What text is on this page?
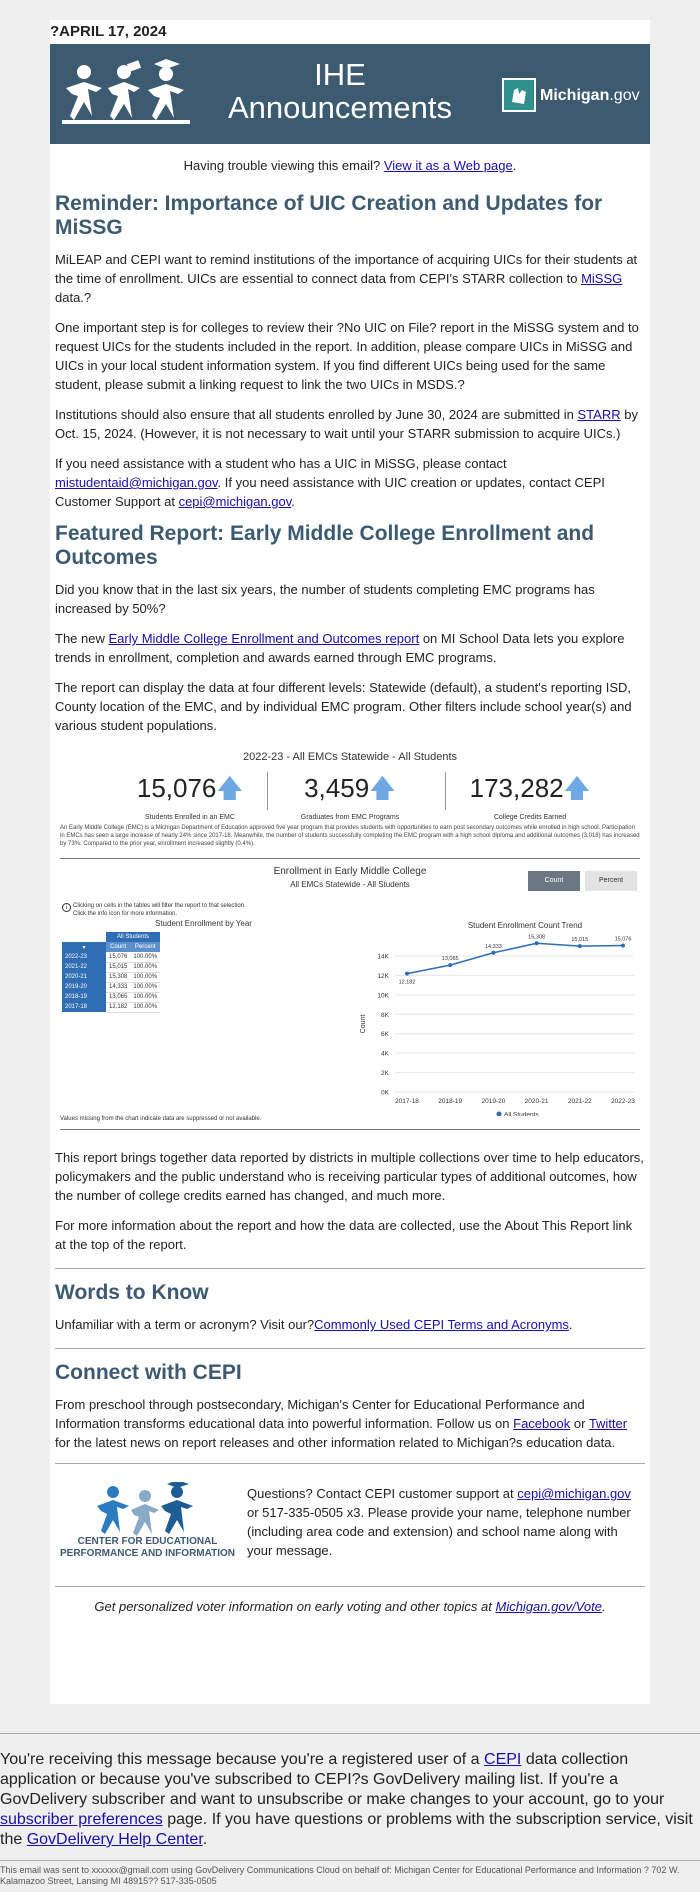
?APRIL 17, 2024
IHE
Announcements	Michigan.gov
Having trouble viewing this email? View it as a Web page.
Reminder: Importance of UIC Creation and Updates for MiSSG

MiLEAP and CEPI want to remind institutions of the importance of acquiring UICs for their students at the time of enrollment. UICs are essential to connect data from CEPI's STARR collection to MiSSG data.?

One important step is for colleges to review their ?No UIC on File? report in the MiSSG system and to request UICs for the students included in the report. In addition, please compare UICs in MiSSG and UICs in your local student information system. If you find different UICs being used for the same student, please submit a linking request to link the two UICs in MSDS.?

Institutions should also ensure that all students enrolled by June 30, 2024 are submitted in STARR by Oct. 15, 2024. (However, it is not necessary to wait until your STARR submission to acquire UICs.)

If you need assistance with a student who has a UIC in MiSSG, please contact mistudentaid@michigan.gov. If you need assistance with UIC creation or updates, contact CEPI Customer Support at cepi@michigan.gov.

Featured Report: Early Middle College Enrollment and Outcomes

Did you know that in the last six years, the number of students completing EMC programs has increased by 50%?

The new Early Middle College Enrollment and Outcomes report on MI School Data lets you explore trends in enrollment, completion and awards earned through EMC programs.

The report can display the data at four different levels: Statewide (default), a student's reporting ISD, County location of the EMC, and by individual EMC program. Other filters include school year(s) and various student populations.

2022-23 - All EMCs Statewide - All Students
15,076🡅
Students Enrolled in an EMC
3,459🡅
Graduates from EMC Programs
173,282🡅
College Credits Earned
An Early Middle College (EMC) is a Michigan Department of Education approved five year program that provides students with opportunities to earn post secondary outcomes while enrolled in high school. Participation in EMCs has seen a large increase of nearly 24% since 2017-18. Meanwhile, the number of students successfully completing the EMC program with a high school diploma and additional outcomes (3,018) has increased by 73%. Compared to the prior year, enrollment increased slightly (0.4%).
Enrollment in Early Middle College
All EMCs Statewide - All Students	Count	Percent
i Clicking on cells in the tables will filter the report to that selection. Click the info icon for more information.
Student Enrollment by Year
	All Students	
▾	Count	Percent
2022-23	15,076	100.00%
2021-22	15,015	100.00%
2020-21	15,308	100.00%
2019-20	14,333	100.00%
2018-19	13,065	100.00%
2017-18	12,182	100.00%
Student Enrollment Count Trend
0K
2K
4K
6K
8K
10K
12K
14K
Count
2017-18	2018-19	2019-20	2020-21	2021-22	2022-23
12,182
13,065
14,333
15,308	15,015	15,076
All Students
Values missing from the chart indicate data are suppressed or not available.

This report brings together data reported by districts in multiple collections over time to help educators, policymakers and the public understand who is receiving particular types of additional outcomes, how the number of college credits earned has changed, and much more.

For more information about the report and how the data are collected, use the About This Report link at the top of the report.

Words to Know

Unfamiliar with a term or acronym? Visit our?Commonly Used CEPI Terms and Acronyms.

Connect with CEPI

From preschool through postsecondary, Michigan's Center for Educational Performance and Information transforms educational data into powerful information. Follow us on Facebook or Twitter for the latest news on report releases and other information related to Michigan?s education data.

CENTER FOR EDUCATIONAL
PERFORMANCE AND INFORMATION
Questions? Contact CEPI customer support at cepi@michigan.gov or 517-335-0505 x3. Please provide your name, telephone number (including area code and extension) and school name along with your message.
Get personalized voter information on early voting and other topics at Michigan.gov/Vote.
You're receiving this message because you're a registered user of a CEPI data collection application or because you've subscribed to CEPI?s GovDelivery mailing list. If you're a GovDelivery subscriber and want to unsubscribe or make changes to your account, go to your subscriber preferences page. If you have questions or problems with the subscription service, visit the GovDelivery Help Center.
This email was sent to xxxxxx@gmail.com using GovDelivery Communications Cloud on behalf of: Michigan Center for Educational Performance and Information ? 702 W. Kalamazoo Street, Lansing MI 48915?? 517-335-0505
